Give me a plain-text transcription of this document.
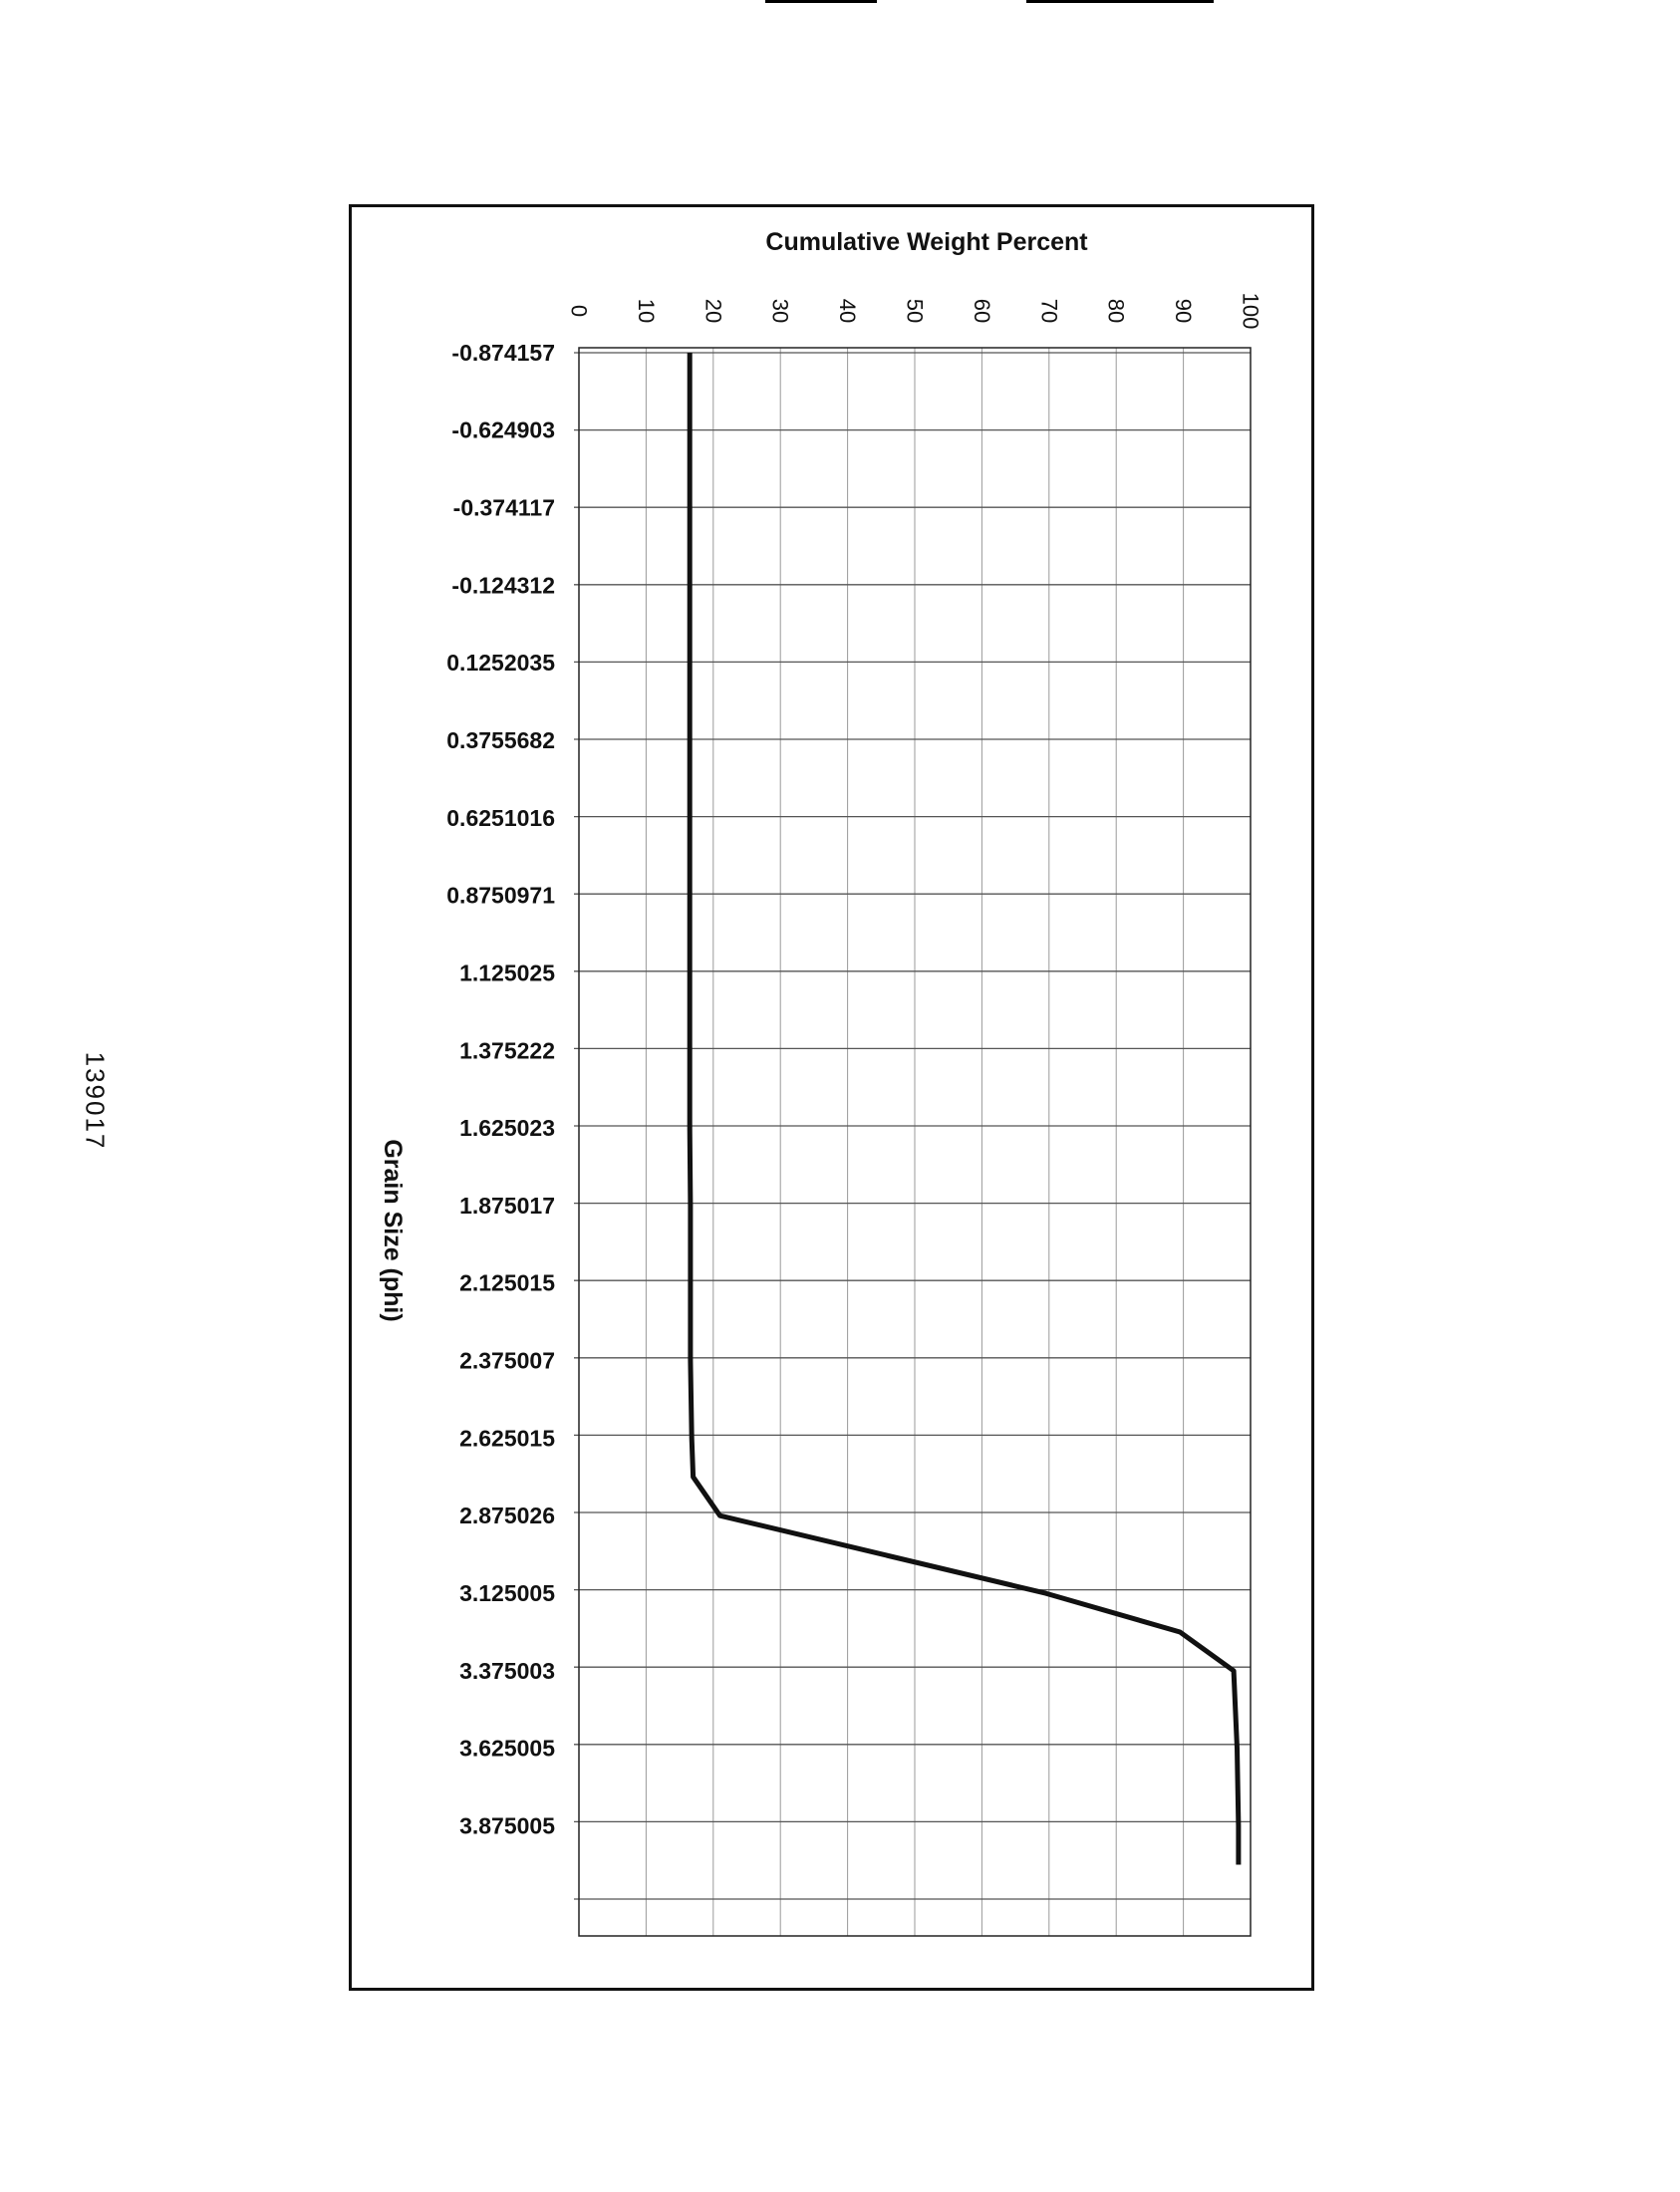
139017
0 10 20 30 40 50 60 70 80 90 100
-0.874157
-0.624903
-0.374117
-0.124312
0.1252035
0.3755682
0.6251016
0.8750971
1.125025
1.375222
1.625023
1.875017
2.125015
2.375007
2.625015
2.875026
3.125005
3.375003
3.625005
3.875005
Cumulative Weight Percent
Grain Size (phi)
